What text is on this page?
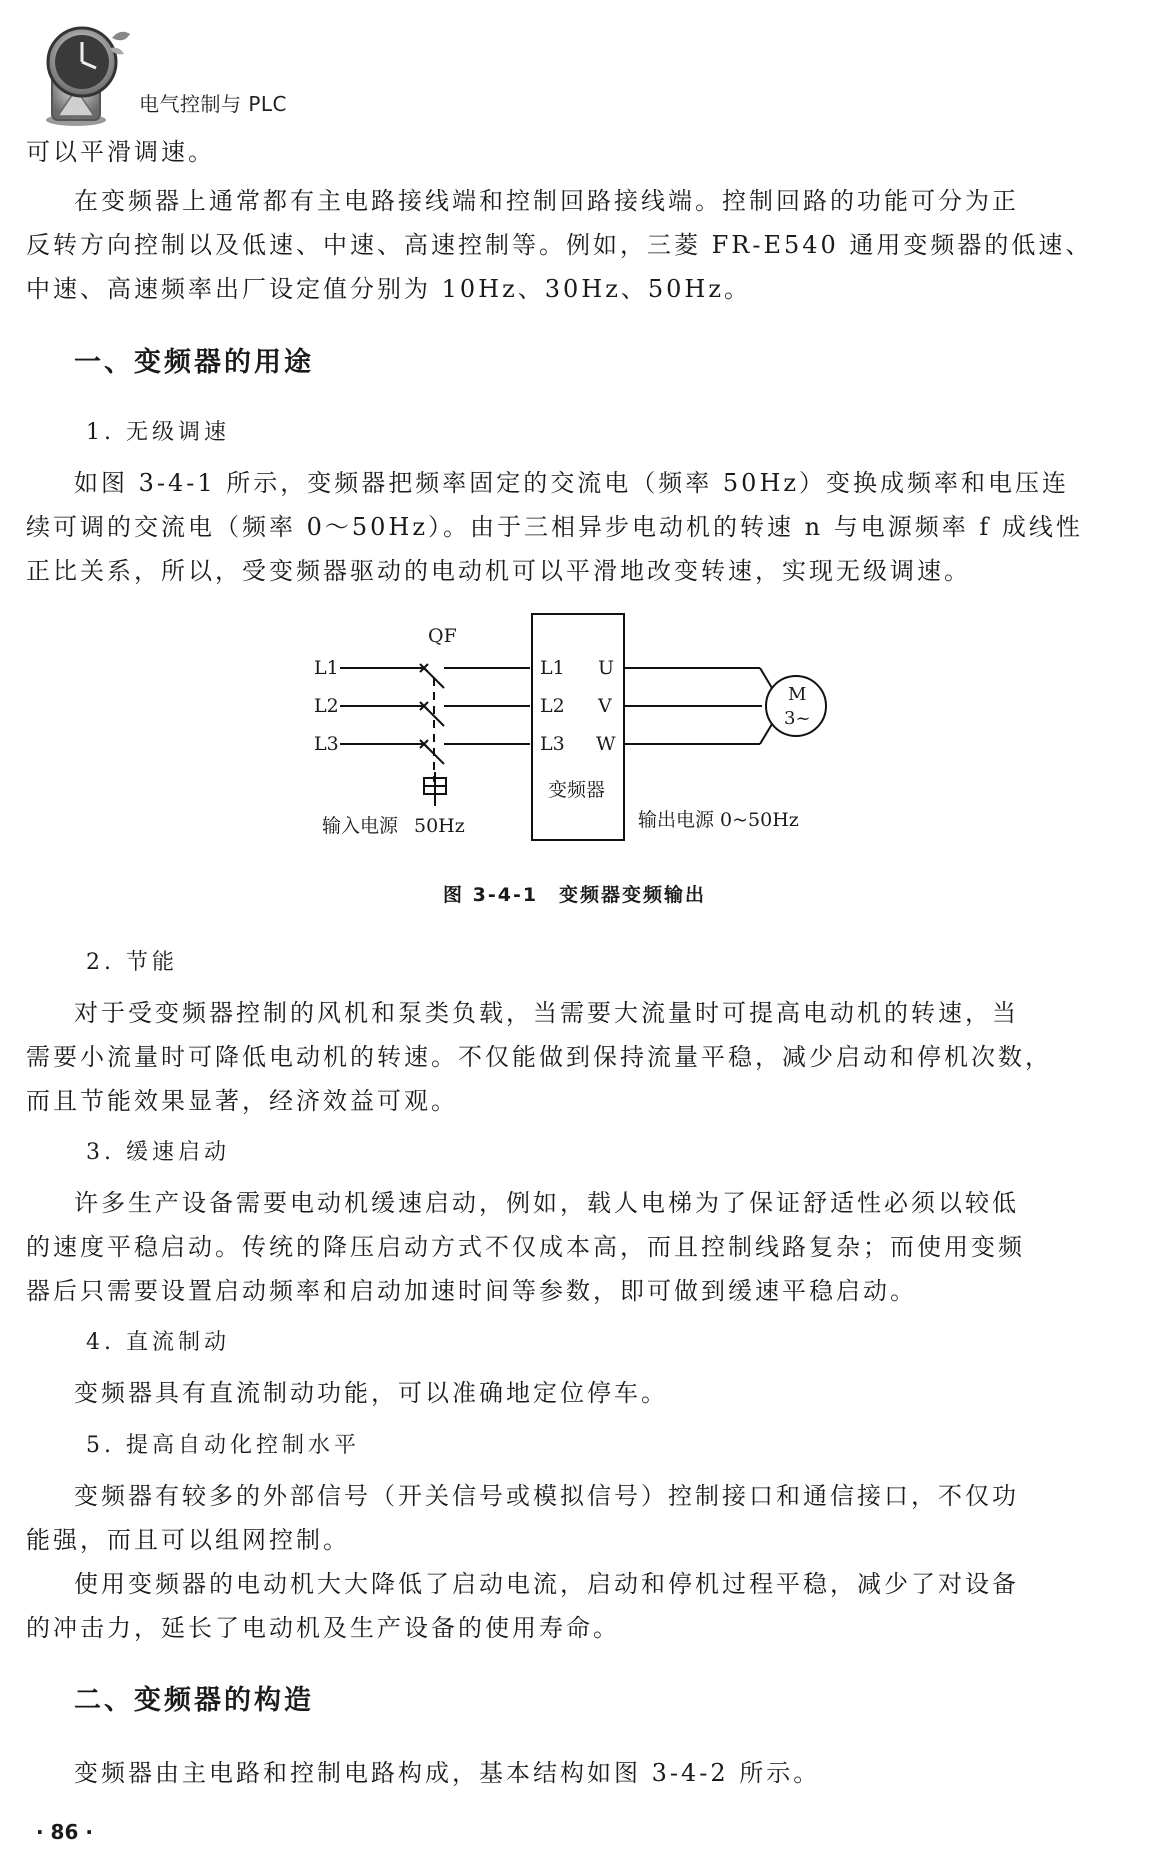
电气控制与 PLC
可以平滑调速。
在变频器上通常都有主电路接线端和控制回路接线端。控制回路的功能可分为正
反转方向控制以及低速、中速、高速控制等。例如，三菱 FR-E540 通用变频器的低速、
中速、高速频率出厂设定值分别为 10Hz、30Hz、50Hz。
一、变频器的用途
1. 无级调速
如图 3-4-1 所示，变频器把频率固定的交流电（频率 50Hz）变换成频率和电压连
续可调的交流电（频率 0～50Hz）。由于三相异步电动机的转速 n 与电源频率 f 成线性
正比关系，所以，受变频器驱动的电动机可以平滑地改变转速，实现无级调速。
L1
L2
L3
QF
L1
L2
L3
U
V
W
变频器
M
3~
输入电源 50Hz	输出电源 0~50Hz
图 3-4-1　变频器变频输出
2. 节能
对于受变频器控制的风机和泵类负载，当需要大流量时可提高电动机的转速，当
需要小流量时可降低电动机的转速。不仅能做到保持流量平稳，减少启动和停机次数，
而且节能效果显著，经济效益可观。
3. 缓速启动
许多生产设备需要电动机缓速启动，例如，载人电梯为了保证舒适性必须以较低
的速度平稳启动。传统的降压启动方式不仅成本高，而且控制线路复杂；而使用变频
器后只需要设置启动频率和启动加速时间等参数，即可做到缓速平稳启动。
4. 直流制动
变频器具有直流制动功能，可以准确地定位停车。
5. 提高自动化控制水平
变频器有较多的外部信号（开关信号或模拟信号）控制接口和通信接口，不仅功
能强，而且可以组网控制。
使用变频器的电动机大大降低了启动电流，启动和停机过程平稳，减少了对设备
的冲击力，延长了电动机及生产设备的使用寿命。
二、变频器的构造
变频器由主电路和控制电路构成，基本结构如图 3-4-2 所示。
· 86 ·
